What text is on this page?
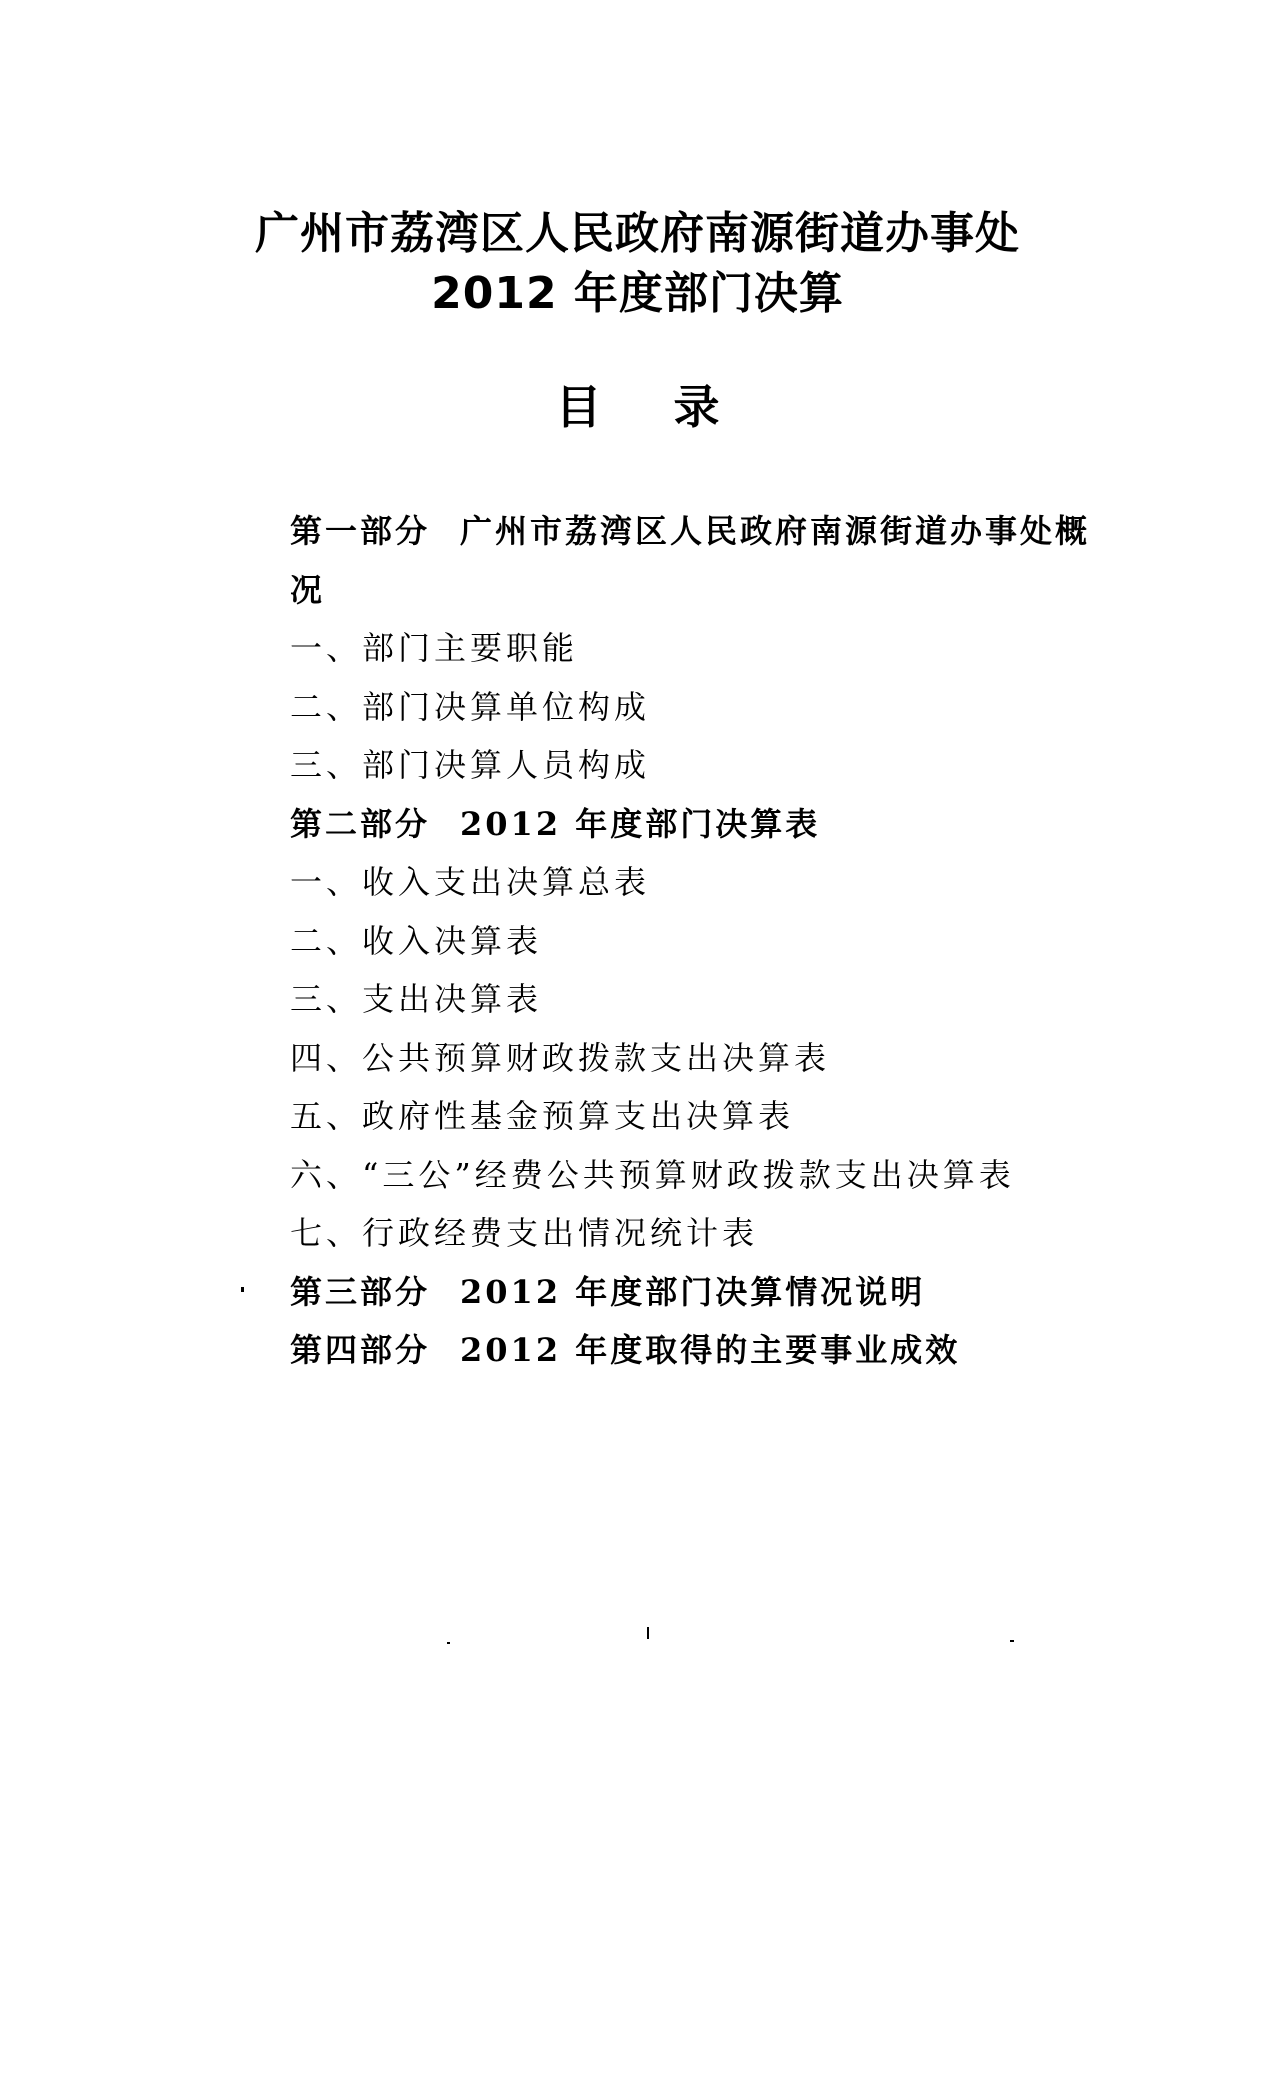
广州市荔湾区人民政府南源街道办事处
2012 年度部门决算
目录
第一部分 广州市荔湾区人民政府南源街道办事处概
况
一、部门主要职能
二、部门决算单位构成
三、部门决算人员构成
第二部分 2012 年度部门决算表
一、收入支出决算总表
二、收入决算表
三、支出决算表
四、公共预算财政拨款支出决算表
五、政府性基金预算支出决算表
六、“三公”经费公共预算财政拨款支出决算表
七、行政经费支出情况统计表
第三部分 2012 年度部门决算情况说明
第四部分 2012 年度取得的主要事业成效
